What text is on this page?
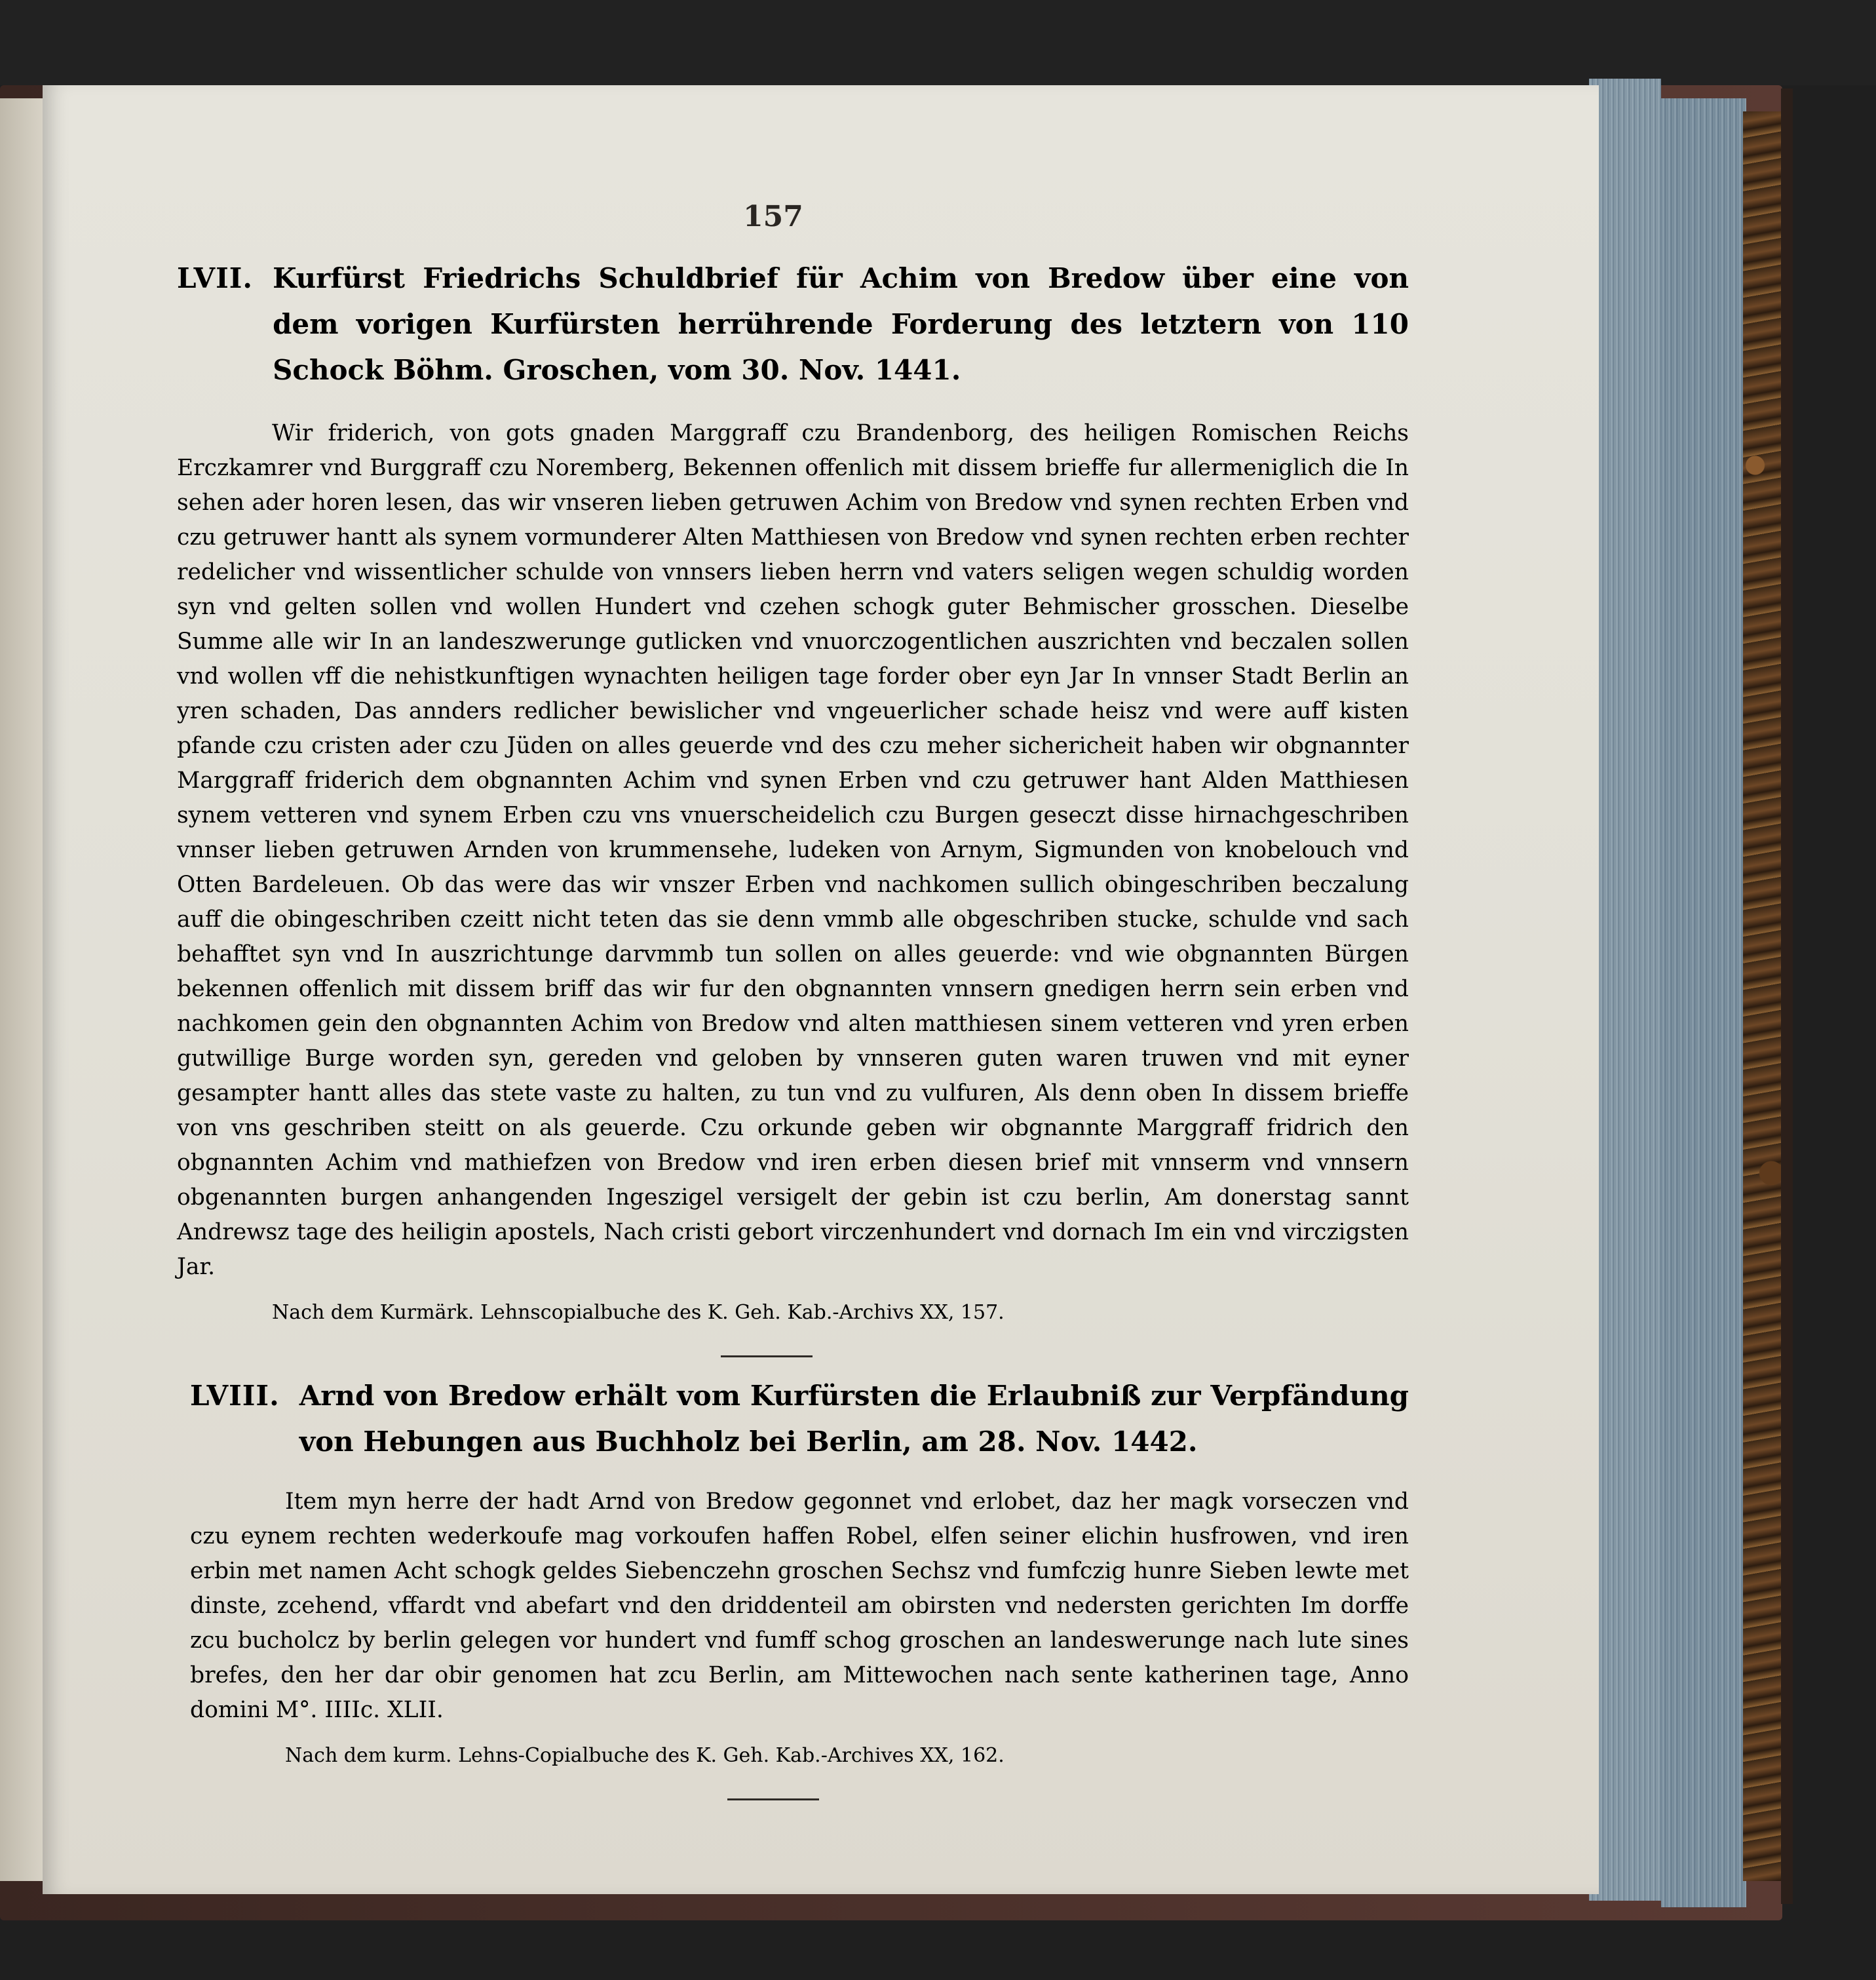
157
LVII. Kurfürst Friedrichs Schuldbrief für Achim von Bredow über eine von dem vorigen Kurfürsten herrührende Forderung des letztern von 110 Schock Böhm. Groschen, vom 30. Nov. 1441.

Wir friderich, von gots gnaden Marggraff czu Brandenborg, des heiligen Romischen Reichs Erczkamrer vnd Burggraff czu Noremberg, Bekennen offenlich mit dissem brieffe fur allermeniglich die In sehen ader horen lesen, das wir vnseren lieben getruwen Achim von Bredow vnd synen rechten Erben vnd czu getruwer hantt als synem vormunderer Alten Matthiesen von Bredow vnd synen rechten erben rechter redelicher vnd wissentlicher schulde von vnnsers lieben herrn vnd vaters seligen wegen schuldig worden syn vnd gelten sollen vnd wollen Hundert vnd czehen schogk guter Behmischer grosschen. Dieselbe Summe alle wir In an landeszwerunge gutlicken vnd vnuorczogentlichen auszrichten vnd beczalen sollen vnd wollen vff die nehistkunftigen wynachten heiligen tage forder ober eyn Jar In vnnser Stadt Berlin an yren schaden, Das annders redlicher bewislicher vnd vngeuerlicher schade heisz vnd were auff kisten pfande czu cristen ader czu Jüden on alles geuerde vnd des czu meher sichericheit haben wir obgnannter Marggraff friderich dem obgnannten Achim vnd synen Erben vnd czu getruwer hant Alden Matthiesen synem vetteren vnd synem Erben czu vns vnuerscheidelich czu Burgen geseczt disse hirnachgeschriben vnnser lieben getruwen Arnden von krummensehe, ludeken von Arnym, Sigmunden von knobelouch vnd Otten Bardeleuen. Ob das were das wir vnszer Erben vnd nachkomen sullich obingeschriben beczalung auff die obingeschriben czeitt nicht teten das sie denn vmmb alle obgeschriben stucke, schulde vnd sach behafftet syn vnd In auszrichtunge darvmmb tun sollen on alles geuerde: vnd wie obgnannten Bürgen bekennen offenlich mit dissem briff das wir fur den obgnannten vnnsern gnedigen herrn sein erben vnd nachkomen gein den obgnannten Achim von Bredow vnd alten matthiesen sinem vetteren vnd yren erben gutwillige Burge worden syn, gereden vnd geloben by vnnseren guten waren truwen vnd mit eyner gesampter hantt alles das stete vaste zu halten, zu tun vnd zu vulfuren, Als denn oben In dissem brieffe von vns geschriben steitt on als geuerde. Czu orkunde geben wir obgnannte Marggraff fridrich den obgnannten Achim vnd mathiefzen von Bredow vnd iren erben diesen brief mit vnnserm vnd vnnsern obgenannten burgen anhangenden Ingeszigel versigelt der gebin ist czu berlin, Am donerstag sannt Andrewsz tage des heiligin apostels, Nach cristi gebort virczenhundert vnd dornach Im ein vnd virczigsten Jar.

Nach dem Kurmärk. Lehnscopialbuche des K. Geh. Kab.-Archivs XX, 157.
LVIII. Arnd von Bredow erhält vom Kurfürsten die Erlaubniß zur Verpfändung von Hebungen aus Buchholz bei Berlin, am 28. Nov. 1442.

Item myn herre der hadt Arnd von Bredow gegonnet vnd erlobet, daz her magk vorseczen vnd czu eynem rechten wederkoufe mag vorkoufen haffen Robel, elfen seiner elichin husfrowen, vnd iren erbin met namen Acht schogk geldes Siebenczehn groschen Sechsz vnd fumfczig hunre Sieben lewte met dinste, zcehend, vffardt vnd abefart vnd den driddenteil am obirsten vnd nedersten gerichten Im dorffe zcu bucholcz by berlin gelegen vor hundert vnd fumff schog groschen an landeswerunge nach lute sines brefes, den her dar obir genomen hat zcu Berlin, am Mittewochen nach sente katherinen tage, Anno domini M°. IIIIc. XLII.

Nach dem kurm. Lehns-Copialbuche des K. Geh. Kab.-Archives XX, 162.
